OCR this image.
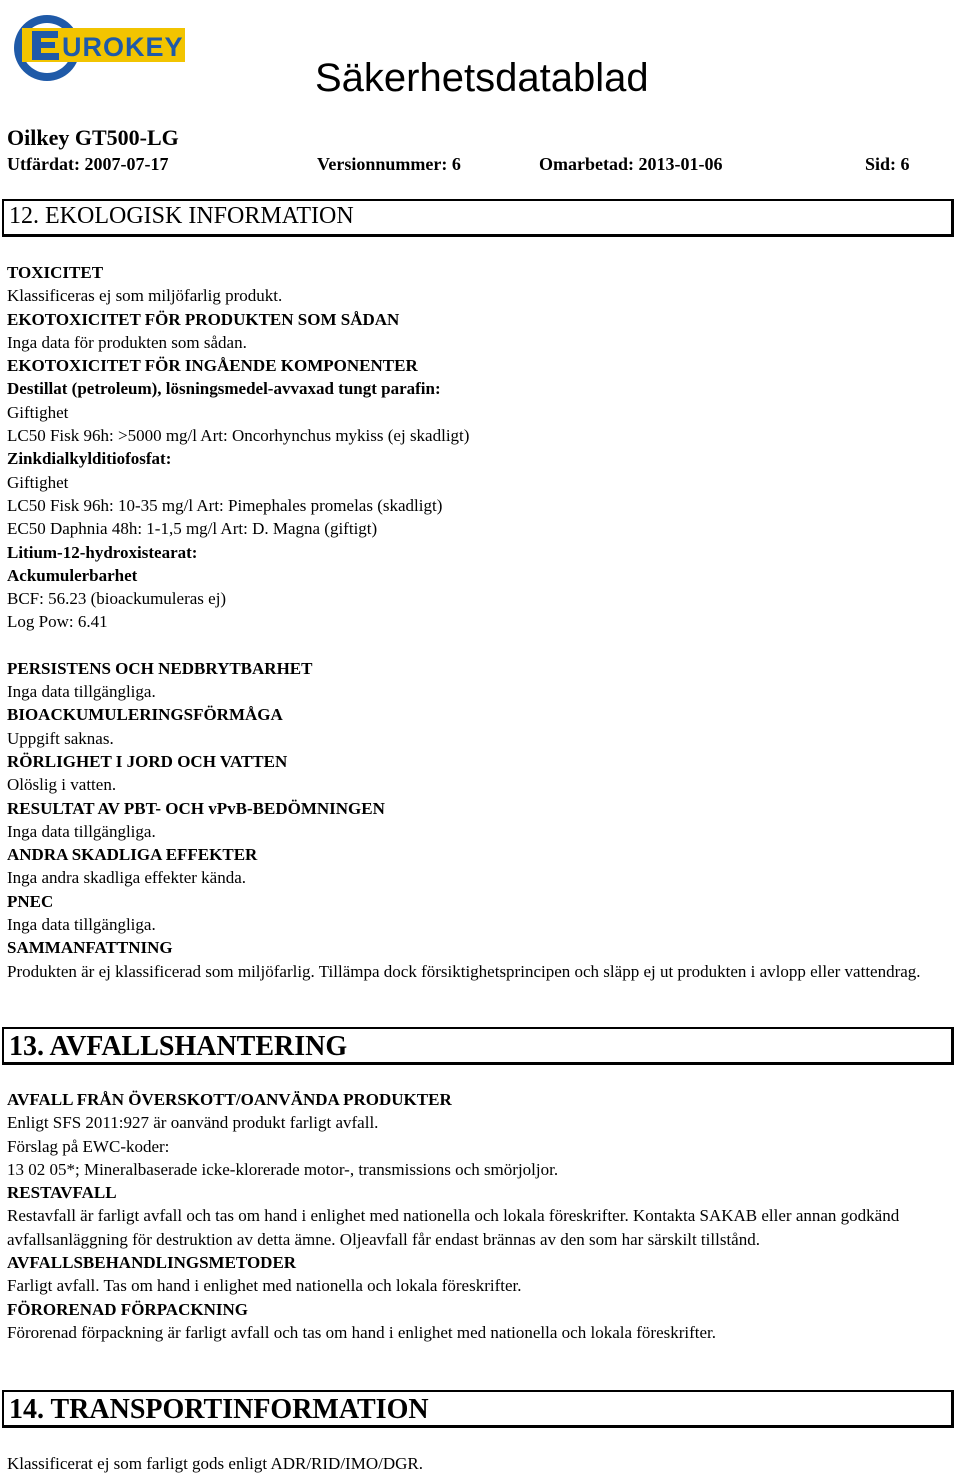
UROKEY
Säkerhetsdatablad
Oilkey GT500-LG
Utfärdat: 2007-07-17	Versionnummer: 6	Omarbetad: 2013-01-06	Sid: 6
12. EKOLOGISK INFORMATION
TOXICITET
Klassificeras ej som miljöfarlig produkt.
EKOTOXICITET FÖR PRODUKTEN SOM SÅDAN
Inga data för produkten som sådan.
EKOTOXICITET FÖR INGÅENDE KOMPONENTER
Destillat (petroleum), lösningsmedel-avvaxad tungt parafin:
Giftighet
LC50 Fisk 96h: >5000 mg/l Art: Oncorhynchus mykiss (ej skadligt)
Zinkdialkylditiofosfat:
Giftighet
LC50 Fisk 96h: 10-35 mg/l Art: Pimephales promelas (skadligt)
EC50 Daphnia 48h: 1-1,5 mg/l Art: D. Magna (giftigt)
Litium-12-hydroxistearat:
Ackumulerbarhet
BCF: 56.23 (bioackumuleras ej)
Log Pow: 6.41
PERSISTENS OCH NEDBRYTBARHET
Inga data tillgängliga.
BIOACKUMULERINGSFÖRMÅGA
Uppgift saknas.
RÖRLIGHET I JORD OCH VATTEN
Olöslig i vatten.
RESULTAT AV PBT- OCH vPvB-BEDÖMNINGEN
Inga data tillgängliga.
ANDRA SKADLIGA EFFEKTER
Inga andra skadliga effekter kända.
PNEC
Inga data tillgängliga.
SAMMANFATTNING
Produkten är ej klassificerad som miljöfarlig. Tillämpa dock försiktighetsprincipen och släpp ej ut produkten i avlopp eller vattendrag.
13. AVFALLSHANTERING
AVFALL FRÅN ÖVERSKOTT/OANVÄNDA PRODUKTER
Enligt SFS 2011:927 är oanvänd produkt farligt avfall.
Förslag på EWC-koder:
13 02 05*; Mineralbaserade icke-klorerade motor-, transmissions och smörjoljor.
RESTAVFALL
Restavfall är farligt avfall och tas om hand i enlighet med nationella och lokala föreskrifter. Kontakta SAKAB eller annan godkänd avfallsanläggning för destruktion av detta ämne. Oljeavfall får endast brännas av den som har särskilt tillstånd.
AVFALLSBEHANDLINGSMETODER
Farligt avfall. Tas om hand i enlighet med nationella och lokala föreskrifter.
FÖRORENAD FÖRPACKNING
Förorenad förpackning är farligt avfall och tas om hand i enlighet med nationella och lokala föreskrifter.
14. TRANSPORTINFORMATION
Klassificerat ej som farligt gods enligt ADR/RID/IMO/DGR.
